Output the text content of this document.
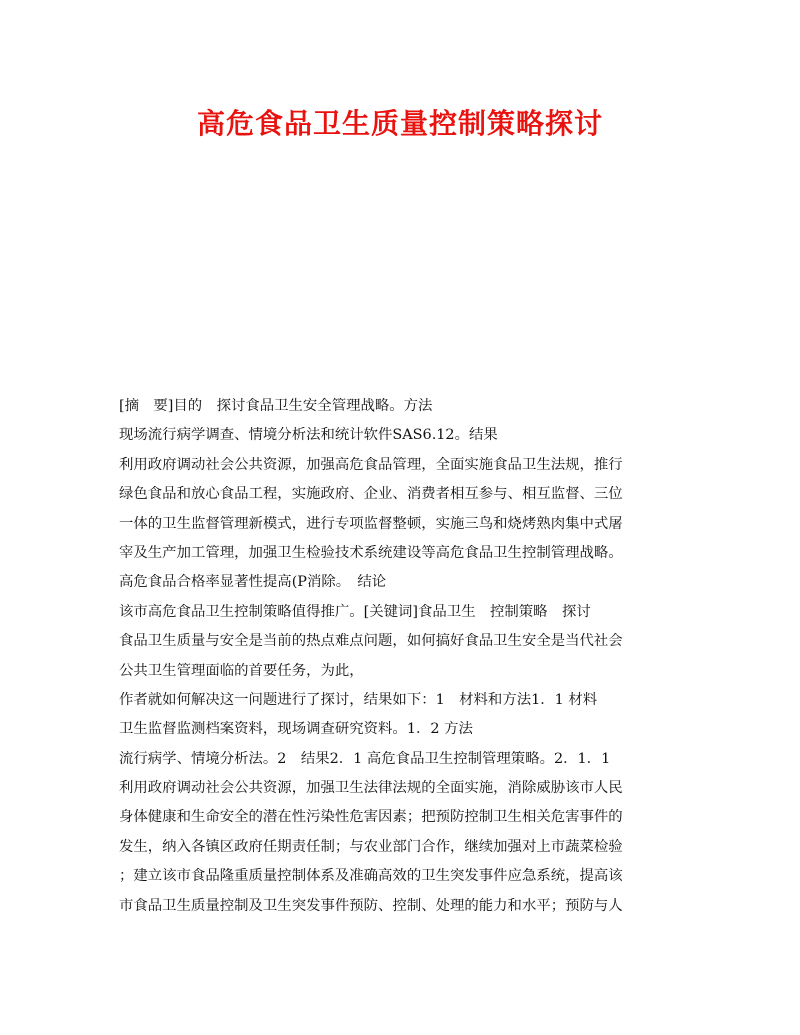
高危食品卫生质量控制策略探讨
[摘　要]目的　探讨食品卫生安全管理战略。方法
现场流行病学调查、情境分析法和统计软件SAS6.12。结果
利用政府调动社会公共资源，加强高危食品管理，全面实施食品卫生法规，推行
绿色食品和放心食品工程，实施政府、企业、消费者相互参与、相互监督、三位
一体的卫生监督管理新模式，进行专项监督整顿，实施三鸟和烧烤熟肉集中式屠
宰及生产加工管理，加强卫生检验技术系统建设等高危食品卫生控制管理战略。
高危食品合格率显著性提高(P消除。　结论
该市高危食品卫生控制策略值得推广。[关键词]食品卫生　控制策略　探讨
食品卫生质量与安全是当前的热点难点问题，如何搞好食品卫生安全是当代社会
公共卫生管理面临的首要任务，为此，
作者就如何解决这一问题进行了探讨，结果如下：1　材料和方法1．1 材料
卫生监督监测档案资料，现场调查研究资料。1．2 方法
流行病学、情境分析法。2　结果2．1 高危食品卫生控制管理策略。2．1．1
利用政府调动社会公共资源，加强卫生法律法规的全面实施，消除威胁该市人民
身体健康和生命安全的潜在性污染性危害因素；把预防控制卫生相关危害事件的
发生，纳入各镇区政府任期责任制；与农业部门合作，继续加强对上市蔬菜检验
；建立该市食品隆重质量控制体系及准确高效的卫生突发事件应急系统，提高该
市食品卫生质量控制及卫生突发事件预防、控制、处理的能力和水平；预防与人
